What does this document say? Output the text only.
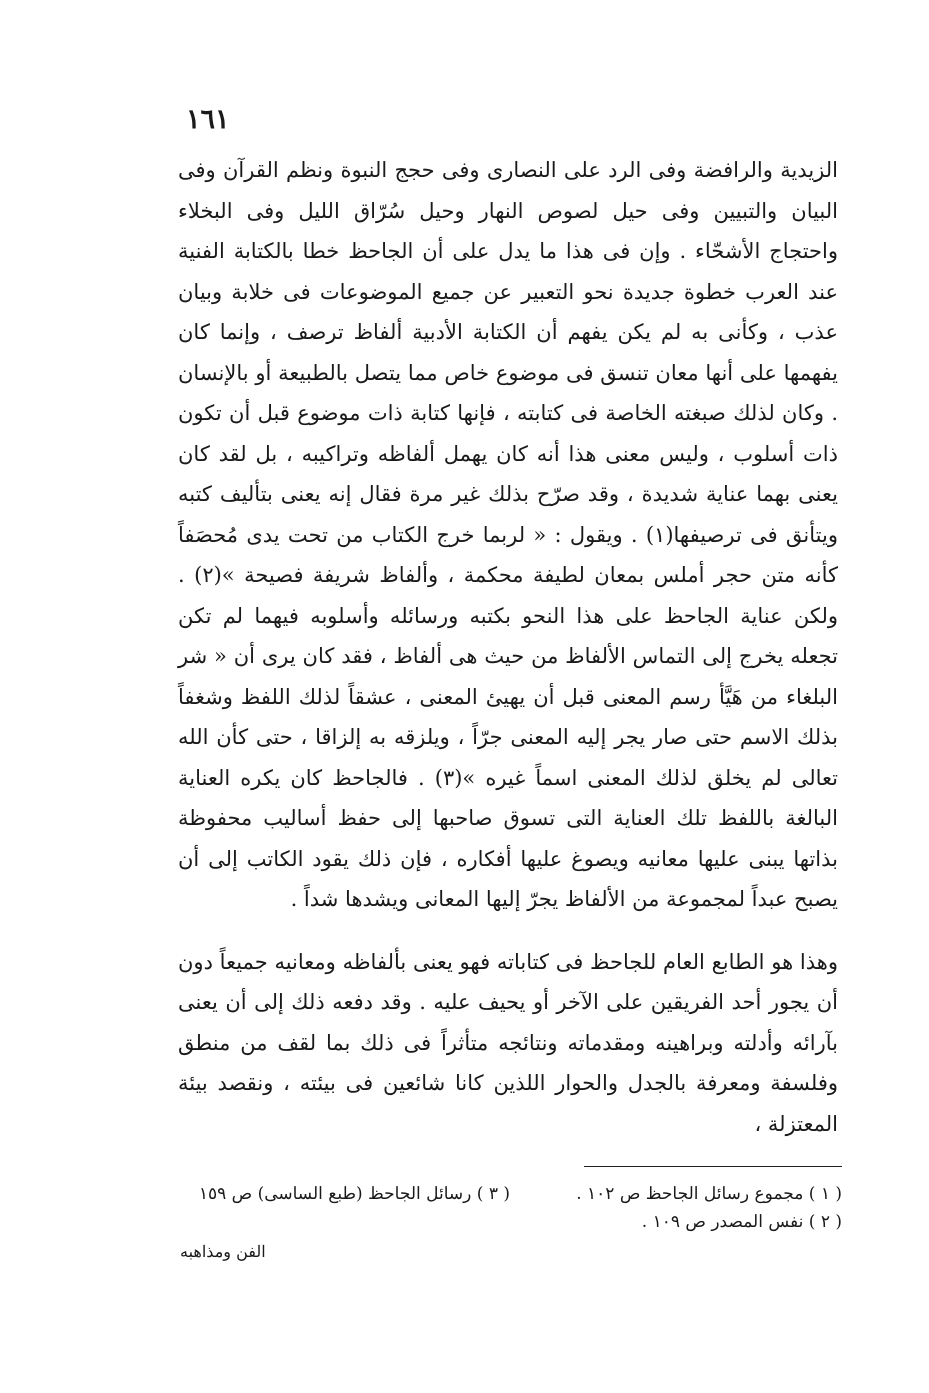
١٦١

الزيدية والرافضة وفى الرد على النصارى وفى حجج النبوة ونظم القرآن وفى البيان والتبيين وفى حيل لصوص النهار وحيل سُرّاق الليل وفى البخلاء واحتجاج الأشحّاء . وإن فى هذا ما يدل على أن الجاحظ خطا بالكتابة الفنية عند العرب خطوة جديدة نحو التعبير عن جميع الموضوعات فى خلابة وبيان عذب ، وكأنى به لم يكن يفهم أن الكتابة الأدبية ألفاظ ترصف ، وإنما كان يفهمها على أنها معان تنسق فى موضوع خاص مما يتصل بالطبيعة أو بالإنسان . وكان لذلك صبغته الخاصة فى كتابته ، فإنها كتابة ذات موضوع قبل أن تكون ذات أسلوب ، وليس معنى هذا أنه كان يهمل ألفاظه وتراكيبه ، بل لقد كان يعنى بهما عناية شديدة ، وقد صرّح بذلك غير مرة فقال إنه يعنى بتأليف كتبه ويتأنق فى ترصيفها(١) . ويقول : « لربما خرج الكتاب من تحت يدى مُحصَفاً كأنه متن حجر أملس بمعان لطيفة محكمة ، وألفاظ شريفة فصيحة »(٢) . ولكن عناية الجاحظ على هذا النحو بكتبه ورسائله وأسلوبه فيهما لم تكن تجعله يخرج إلى التماس الألفاظ من حيث هى ألفاظ ، فقد كان يرى أن « شر البلغاء من هَيَّأ رسم المعنى قبل أن يهيئ المعنى ، عشقاً لذلك اللفظ وشغفاً بذلك الاسم حتى صار يجر إليه المعنى جرّاً ، ويلزقه به إلزاقا ، حتى كأن الله تعالى لم يخلق لذلك المعنى اسماً غيره »(٣) . فالجاحظ كان يكره العناية البالغة باللفظ تلك العناية التى تسوق صاحبها إلى حفظ أساليب محفوظة بذاتها يبنى عليها معانيه ويصوغ عليها أفكاره ، فإن ذلك يقود الكاتب إلى أن يصبح عبداً لمجموعة من الألفاظ يجرّ إليها المعانى ويشدها شداً .

وهذا هو الطابع العام للجاحظ فى كتاباته فهو يعنى بألفاظه ومعانيه جميعاً دون أن يجور أحد الفريقين على الآخر أو يحيف عليه . وقد دفعه ذلك إلى أن يعنى بآرائه وأدلته وبراهينه ومقدماته ونتائجه متأثراً فى ذلك بما لقف من منطق وفلسفة ومعرفة بالجدل والحوار اللذين كانا شائعين فى بيئته ، ونقصد بيئة المعتزلة ،

( ١ ) مجموع رسائل الجاحظ ص ١٠٢ .
( ٣ ) رسائل الجاحظ (طبع الساسى) ص ١٥٩
( ٢ ) نفس المصدر ص ١٠٩ .
الفن ومذاهبه
